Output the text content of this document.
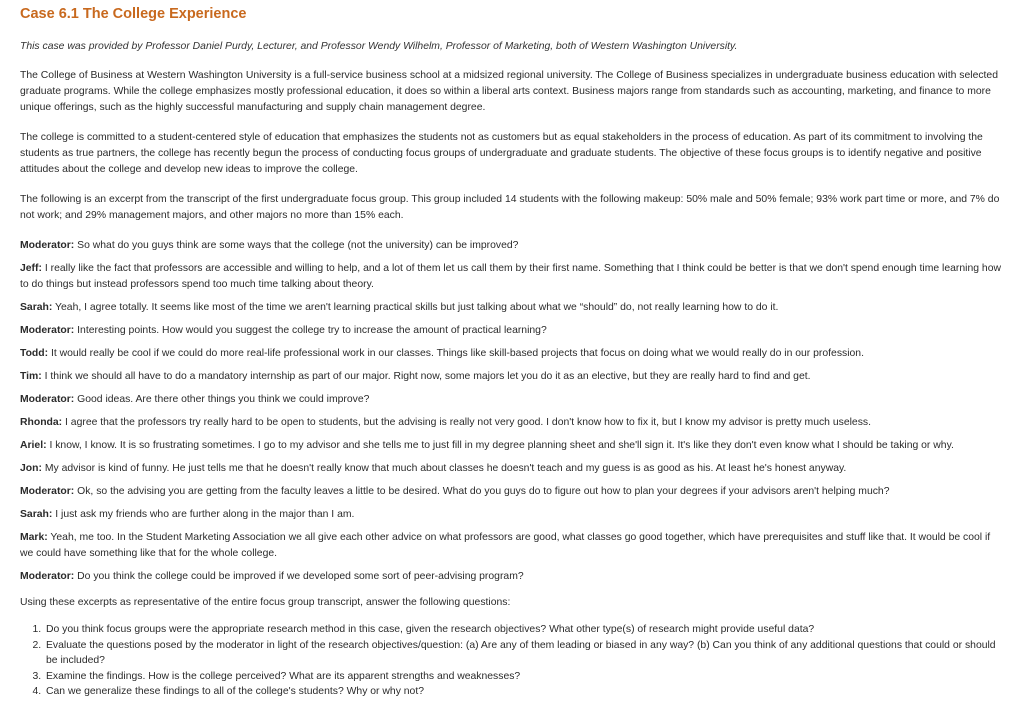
Case 6.1 The College Experience

This case was provided by Professor Daniel Purdy, Lecturer, and Professor Wendy Wilhelm, Professor of Marketing, both of Western Washington University.

The College of Business at Western Washington University is a full-service business school at a midsized regional university. The College of Business specializes in undergraduate business education with selected graduate programs. While the college emphasizes mostly professional education, it does so within a liberal arts context. Business majors range from standards such as accounting, marketing, and finance to more unique offerings, such as the highly successful manufacturing and supply chain management degree.

The college is committed to a student-centered style of education that emphasizes the students not as customers but as equal stakeholders in the process of education. As part of its commitment to involving the students as true partners, the college has recently begun the process of conducting focus groups of undergraduate and graduate students. The objective of these focus groups is to identify negative and positive attitudes about the college and develop new ideas to improve the college.

The following is an excerpt from the transcript of the first undergraduate focus group. This group included 14 students with the following makeup: 50% male and 50% female; 93% work part time or more, and 7% do not work; and 29% management majors, and other majors no more than 15% each.

Moderator: So what do you guys think are some ways that the college (not the university) can be improved?

Jeff: I really like the fact that professors are accessible and willing to help, and a lot of them let us call them by their first name. Something that I think could be better is that we don't spend enough time learning how to do things but instead professors spend too much time talking about theory.

Sarah: Yeah, I agree totally. It seems like most of the time we aren't learning practical skills but just talking about what we “should” do, not really learning how to do it.

Moderator: Interesting points. How would you suggest the college try to increase the amount of practical learning?

Todd: It would really be cool if we could do more real-life professional work in our classes. Things like skill-based projects that focus on doing what we would really do in our profession.

Tim: I think we should all have to do a mandatory internship as part of our major. Right now, some majors let you do it as an elective, but they are really hard to find and get.

Moderator: Good ideas. Are there other things you think we could improve?

Rhonda: I agree that the professors try really hard to be open to students, but the advising is really not very good. I don't know how to fix it, but I know my advisor is pretty much useless.

Ariel: I know, I know. It is so frustrating sometimes. I go to my advisor and she tells me to just fill in my degree planning sheet and she'll sign it. It's like they don't even know what I should be taking or why.

Jon: My advisor is kind of funny. He just tells me that he doesn't really know that much about classes he doesn't teach and my guess is as good as his. At least he's honest anyway.

Moderator: Ok, so the advising you are getting from the faculty leaves a little to be desired. What do you guys do to figure out how to plan your degrees if your advisors aren't helping much?

Sarah: I just ask my friends who are further along in the major than I am.

Mark: Yeah, me too. In the Student Marketing Association we all give each other advice on what professors are good, what classes go good together, which have prerequisites and stuff like that. It would be cool if we could have something like that for the whole college.

Moderator: Do you think the college could be improved if we developed some sort of peer-advising program?

Using these excerpts as representative of the entire focus group transcript, answer the following questions:

1. Do you think focus groups were the appropriate research method in this case, given the research objectives? What other type(s) of research might provide useful data?
2. Evaluate the questions posed by the moderator in light of the research objectives/question: (a) Are any of them leading or biased in any way? (b) Can you think of any additional questions that could or should be included?
3. Examine the findings. How is the college perceived? What are its apparent strengths and weaknesses?
4. Can we generalize these findings to all of the college's students? Why or why not?
